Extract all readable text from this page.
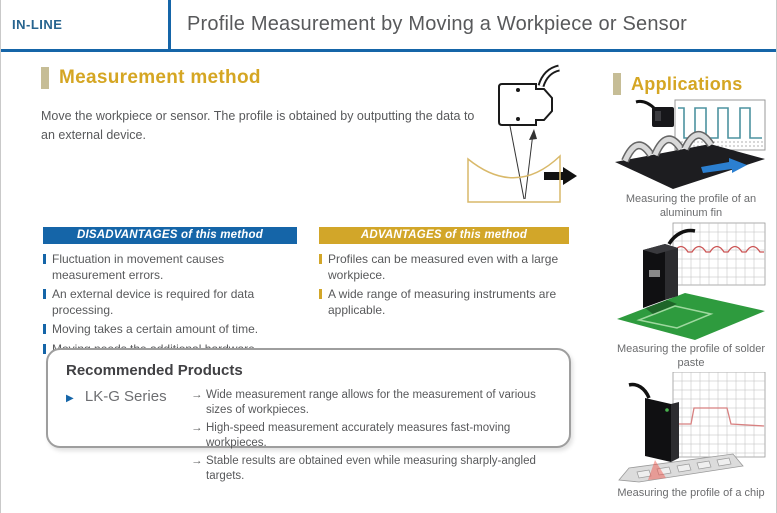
IN-LINE	Profile Measurement by Moving a Workpiece or Sensor
Measurement method

Move the workpiece or sensor. The profile is obtained by outputting the data to an external device.

DISADVANTAGES of this method
Fluctuation in movement causes measurement errors.
An external device is required for data processing.
Moving takes a certain amount of time.
ADVANTAGES of this method
Profiles can be measured even with a large workpiece.
A wide range of measuring instruments are applicable.
Recommended Products
▶ LK-G Series	→ Wide measurement range allows for the measurement of various sizes of workpieces.
→ High-speed measurement accurately measures fast-moving workpieces.
→ Stable results are obtained even while measuring sharply-angled targets.
Applications
Measuring the profile of an aluminum fin
Measuring the profile of solder paste
Measuring the profile of a chip
